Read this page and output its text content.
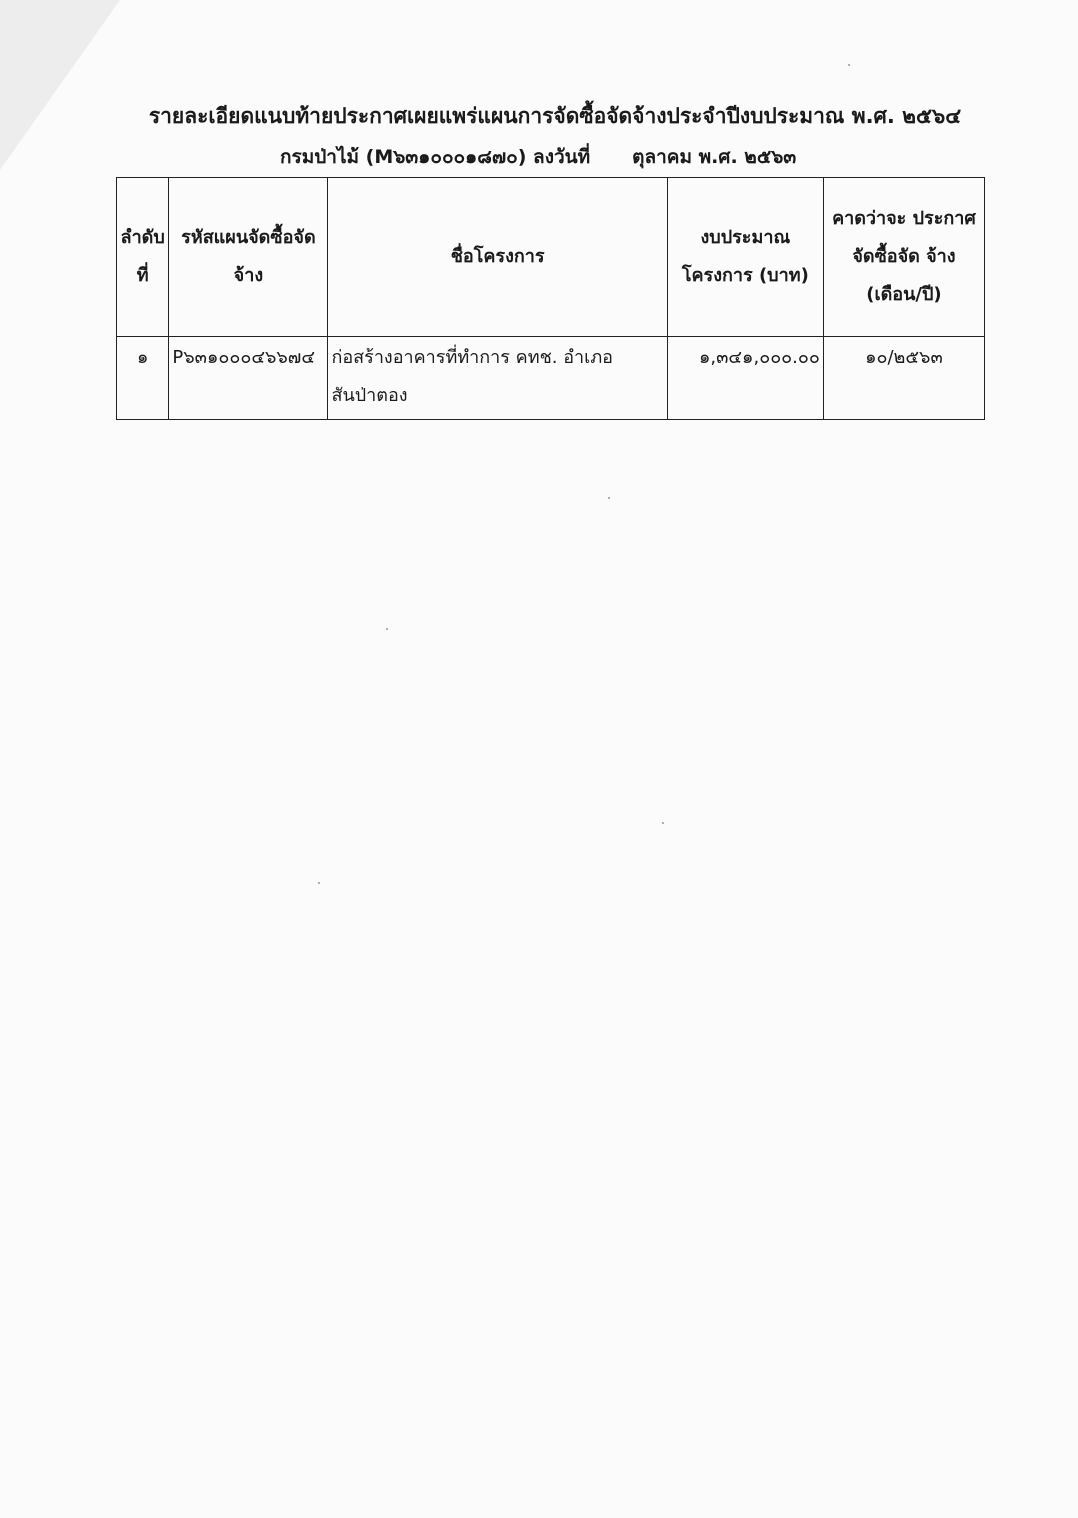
รายละเอียดแนบท้ายประกาศเผยแพร่แผนการจัดซื้อจัดจ้างประจำปีงบประมาณ พ.ศ. ๒๕๖๔
กรมป่าไม้ (M๖๓๑๐๐๐๑๘๗๐) ลงวันที่ ตุลาคม พ.ศ. ๒๕๖๓
ลำดับ ที่	รหัสแผนจัดซื้อจัด จ้าง	ชื่อโครงการ	งบประมาณ โครงการ (บาท)	คาดว่าจะ ประกาศจัดซื้อจัด จ้าง (เดือน/ปี)
๑	P๖๓๑๐๐๐๔๖๖๗๔	ก่อสร้างอาคารที่ทำการ คทช. อำเภอ สันป่าตอง	๑,๓๔๑,๐๐๐.๐๐	๑๐/๒๕๖๓
